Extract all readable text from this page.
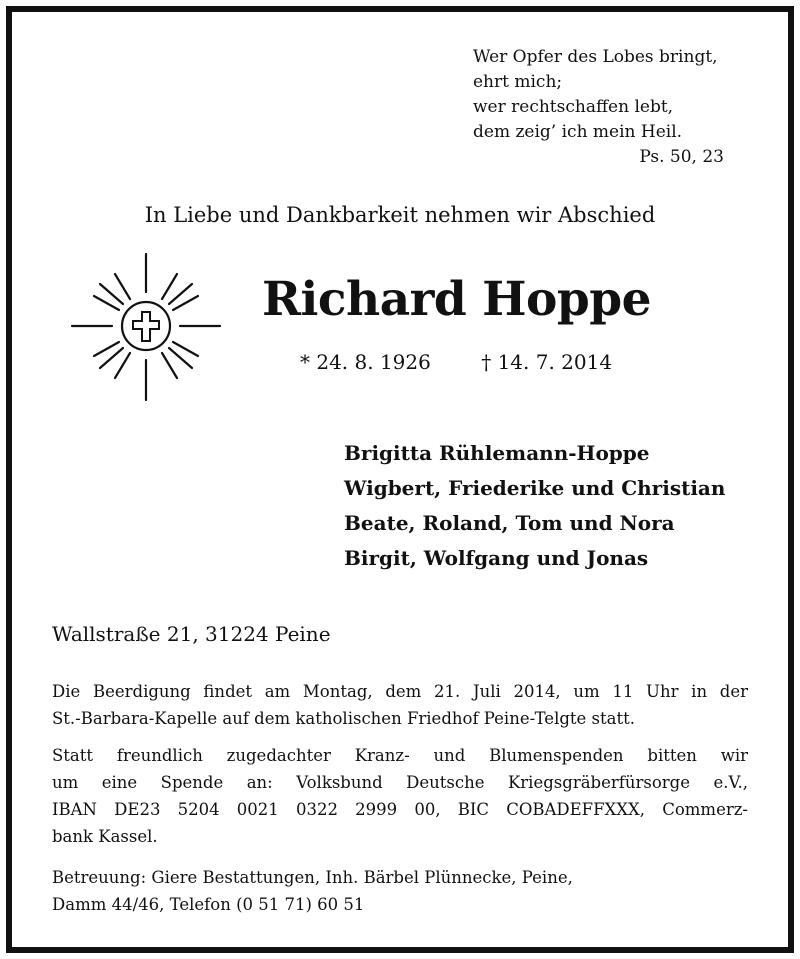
Wer Opfer des Lobes bringt,
ehrt mich;
wer rechtschaffen lebt,
dem zeig’ ich mein Heil.
Ps. 50, 23
In Liebe und Dankbarkeit nehmen wir Abschied
Richard Hoppe
* 24. 8. 1926	† 14. 7. 2014
Brigitta Rühlemann-Hoppe
Wigbert, Friederike und Christian
Beate, Roland, Tom und Nora
Birgit, Wolfgang und Jonas
Wallstraße 21, 31224 Peine
Die Beerdigung findet am Montag, dem 21. Juli 2014, um 11 Uhr in der
St.-Barbara-Kapelle auf dem katholischen Friedhof Peine-Telgte statt.
Statt freundlich zugedachter Kranz- und Blumenspenden bitten wir
um eine Spende an: Volksbund Deutsche Kriegsgräberfürsorge e.V.,
IBAN DE23 5204 0021 0322 2999 00, BIC COBADEFFXXX, Commerz-
bank Kassel.
Betreuung: Giere Bestattungen, Inh. Bärbel Plünnecke, Peine,
Damm 44/46, Telefon (0 51 71) 60 51
